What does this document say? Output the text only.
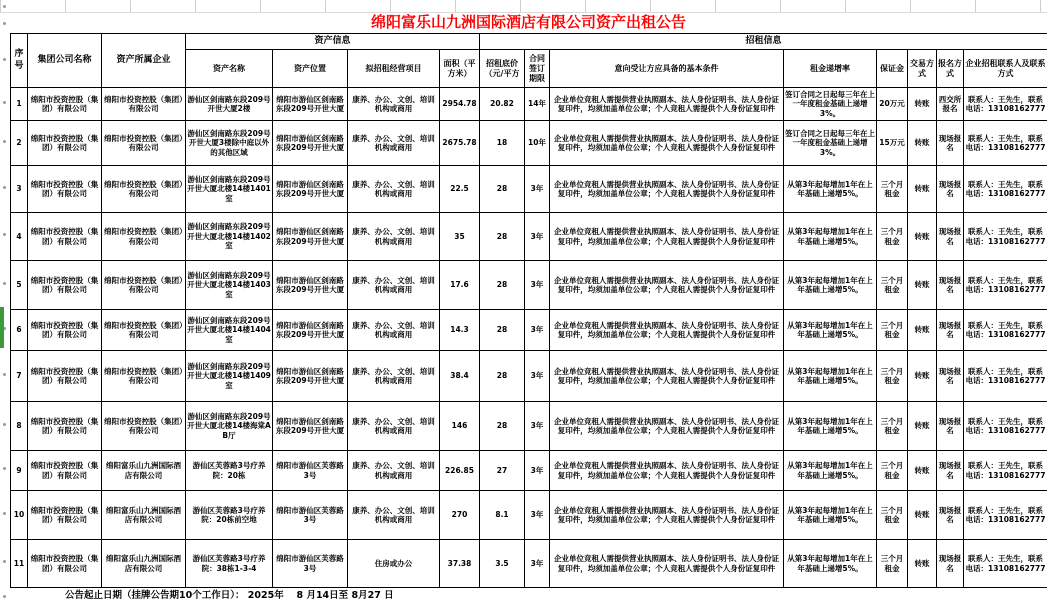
绵阳富乐山九洲国际酒店有限公司资产出租公告
序号	集团公司名称	资产所属企业	资产信息				招租信息							
			资产名称	资产位置	拟招租经营项目	面积（平方米）	招租底价（元/平方	合同签订期限	意向受让方应具备的基本条件	租金递增率	保证金	交易方式	报名方式	企业招租联系人及联系方式
1	绵阳市投资控股（集团）有限公司	绵阳市投资控股（集团）有限公司	游仙区剑南路东段209号开世大厦2楼	绵阳市游仙区剑南路东段209号开世大厦	康养、办公、文创、培训机构或商用	2954.78	20.82	14年	企业单位竞租人需提供营业执照副本、法人身份证明书、法人身份证复印件，均须加盖单位公章；个人竞租人需提供个人身份证复印件	签订合同之日起每三年在上一年度租金基础上递增3%。	20万元	转账	西交所报名	联系人：王先生，联系电话：13108162777
2	绵阳市投资控股（集团）有限公司	绵阳市投资控股（集团）有限公司	游仙区剑南路东段209号开世大厦3楼除中庭以外的其他区域	绵阳市游仙区剑南路东段209号开世大厦	康养、办公、文创、培训机构或商用	2675.78	18	10年	企业单位竞租人需提供营业执照副本、法人身份证明书、法人身份证复印件，均须加盖单位公章；个人竞租人需提供个人身份证复印件	签订合同之日起每三年在上一年度租金基础上递增3%。	15万元	转账	现场报名	联系人：王先生，联系电话：13108162777
3	绵阳市投资控股（集团）有限公司	绵阳市投资控股（集团）有限公司	游仙区剑南路东段209号开世大厦北楼14楼1401室	绵阳市游仙区剑南路东段209号开世大厦	康养、办公、文创、培训机构或商用	22.5	28	3年	企业单位竞租人需提供营业执照副本、法人身份证明书、法人身份证复印件，均须加盖单位公章；个人竞租人需提供个人身份证复印件	从第3年起每增加1年在上年基础上递增5%。	三个月租金	转账	现场报名	联系人：王先生，联系电话：13108162777
4	绵阳市投资控股（集团）有限公司	绵阳市投资控股（集团）有限公司	游仙区剑南路东段209号开世大厦北楼14楼1402室	绵阳市游仙区剑南路东段209号开世大厦	康养、办公、文创、培训机构或商用	35	28	3年	企业单位竞租人需提供营业执照副本、法人身份证明书、法人身份证复印件，均须加盖单位公章；个人竞租人需提供个人身份证复印件	从第3年起每增加1年在上年基础上递增5%。	三个月租金	转账	现场报名	联系人：王先生，联系电话：13108162777
5	绵阳市投资控股（集团）有限公司	绵阳市投资控股（集团）有限公司	游仙区剑南路东段209号开世大厦北楼14楼1403室	绵阳市游仙区剑南路东段209号开世大厦	康养、办公、文创、培训机构或商用	17.6	28	3年	企业单位竞租人需提供营业执照副本、法人身份证明书、法人身份证复印件，均须加盖单位公章；个人竞租人需提供个人身份证复印件	从第3年起每增加1年在上年基础上递增5%。	三个月租金	转账	现场报名	联系人：王先生，联系电话：13108162777
6	绵阳市投资控股（集团）有限公司	绵阳市投资控股（集团）有限公司	游仙区剑南路东段209号开世大厦北楼14楼1404室	绵阳市游仙区剑南路东段209号开世大厦	康养、办公、文创、培训机构或商用	14.3	28	3年	企业单位竞租人需提供营业执照副本、法人身份证明书、法人身份证复印件，均须加盖单位公章；个人竞租人需提供个人身份证复印件	从第3年起每增加1年在上年基础上递增5%。	三个月租金	转账	现场报名	联系人：王先生，联系电话：13108162777
7	绵阳市投资控股（集团）有限公司	绵阳市投资控股（集团）有限公司	游仙区剑南路东段209号开世大厦北楼14楼1409室	绵阳市游仙区剑南路东段209号开世大厦	康养、办公、文创、培训机构或商用	38.4	28	3年	企业单位竞租人需提供营业执照副本、法人身份证明书、法人身份证复印件，均须加盖单位公章；个人竞租人需提供个人身份证复印件	从第3年起每增加1年在上年基础上递增5%。	三个月租金	转账	现场报名	联系人：王先生，联系电话：13108162777
8	绵阳市投资控股（集团）有限公司	绵阳市投资控股（集团）有限公司	游仙区剑南路东段209号开世大厦北楼14楼海棠AB厅	绵阳市游仙区剑南路东段209号开世大厦	康养、办公、文创、培训机构或商用	146	28	3年	企业单位竞租人需提供营业执照副本、法人身份证明书、法人身份证复印件，均须加盖单位公章；个人竞租人需提供个人身份证复印件	从第3年起每增加1年在上年基础上递增5%。	三个月租金	转账	现场报名	联系人：王先生，联系电话：13108162777
9	绵阳市投资控股（集团）有限公司	绵阳富乐山九洲国际酒店有限公司	游仙区芙蓉路3号疗养院：20栋	绵阳市游仙区芙蓉路3号	康养、办公、文创、培训机构或商用	226.85	27	3年	企业单位竞租人需提供营业执照副本、法人身份证明书、法人身份证复印件，均须加盖单位公章；个人竞租人需提供个人身份证复印件	从第3年起每增加1年在上年基础上递增5%。	三个月租金	转账	现场报名	联系人：王先生，联系电话：13108162777
10	绵阳市投资控股（集团）有限公司	绵阳富乐山九洲国际酒店有限公司	游仙区芙蓉路3号疗养院：20栋前空地	绵阳市游仙区芙蓉路3号	康养、办公、文创、培训机构或商用	270	8.1	3年	企业单位竞租人需提供营业执照副本、法人身份证明书、法人身份证复印件，均须加盖单位公章；个人竞租人需提供个人身份证复印件	从第3年起每增加1年在上年基础上递增5%。	三个月租金	转账	现场报名	联系人：王先生，联系电话：13108162777
11	绵阳市投资控股（集团）有限公司	绵阳富乐山九洲国际酒店有限公司	游仙区芙蓉路3号疗养院：38栋1-3-4	绵阳市游仙区芙蓉路3号	住房或办公	37.38	3.5	3年	企业单位竞租人需提供营业执照副本、法人身份证明书、法人身份证复印件，均须加盖单位公章；个人竞租人需提供个人身份证复印件	从第3年起每增加1年在上年基础上递增5%。	三个月租金	转账	现场报名	联系人：王先生，联系电话：13108162777
公告起止日期（挂牌公告期10个工作日）： 2025年　 8 月14日至 8月27 日
